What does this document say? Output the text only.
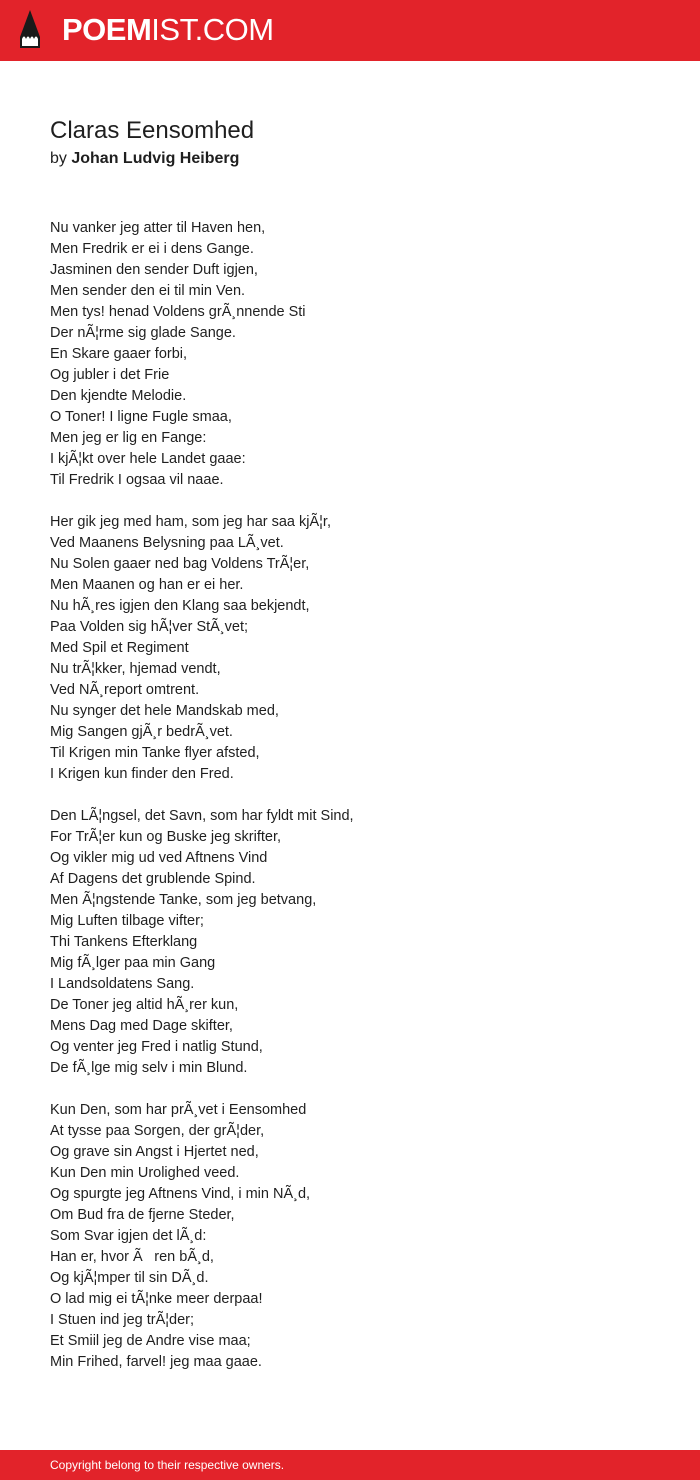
POEMIST.COM
Claras Eensomhed
by Johan Ludvig Heiberg
Nu vanker jeg atter til Haven hen,
Men Fredrik er ei i dens Gange.
Jasminen den sender Duft igjen,
Men sender den ei til min Ven.
Men tys! henad Voldens grÃ¸nnende Sti
Der nÃ¦rme sig glade Sange.
En Skare gaaer forbi,
Og jubler i det Frie
Den kjendte Melodie.
O Toner! I ligne Fugle smaa,
Men jeg er lig en Fange:
I kjÃ¦kt over hele Landet gaae:
Til Fredrik I ogsaa vil naae.
Her gik jeg med ham, som jeg har saa kjÃ¦r,
Ved Maanens Belysning paa LÃ¸vet.
Nu Solen gaaer ned bag Voldens TrÃ¦er,
Men Maanen og han er ei her.
Nu hÃ¸res igjen den Klang saa bekjendt,
Paa Volden sig hÃ¦ver StÃ¸vet;
Med Spil et Regiment
Nu trÃ¦kker, hjemad vendt,
Ved NÃ¸report omtrent.
Nu synger det hele Mandskab med,
Mig Sangen gjÃ¸r bedrÃ¸vet.
Til Krigen min Tanke flyer afsted,
I Krigen kun finder den Fred.
Den LÃ¦ngsel, det Savn, som har fyldt mit Sind,
For TrÃ¦er kun og Buske jeg skrifter,
Og vikler mig ud ved Aftnens Vind
Af Dagens det grublende Spind.
Men Ã¦ngstende Tanke, som jeg betvang,
Mig Luften tilbage vifter;
Thi Tankens Efterklang
Mig fÃ¸lger paa min Gang
I Landsoldatens Sang.
De Toner jeg altid hÃ¸rer kun,
Mens Dag med Dage skifter,
Og venter jeg Fred i natlig Stund,
De fÃ¸lge mig selv i min Blund.
Kun Den, som har prÃ¸vet i Eensomhed
At tysse paa Sorgen, der grÃ¦der,
Og grave sin Angst i Hjertet ned,
Kun Den min Urolighed veed.
Og spurgte jeg Aftnens Vind, i min NÃ¸d,
Om Bud fra de fjerne Steder,
Som Svar igjen det lÃ¸d:
Han er, hvor Ãren bÃ¸d,
Og kjÃ¦mper til sin DÃ¸d.
O lad mig ei tÃ¦nke meer derpaa!
I Stuen ind jeg trÃ¦der;
Et Smiil jeg de Andre vise maa;
Min Frihed, farvel! jeg maa gaae.
Copyright belong to their respective owners.
